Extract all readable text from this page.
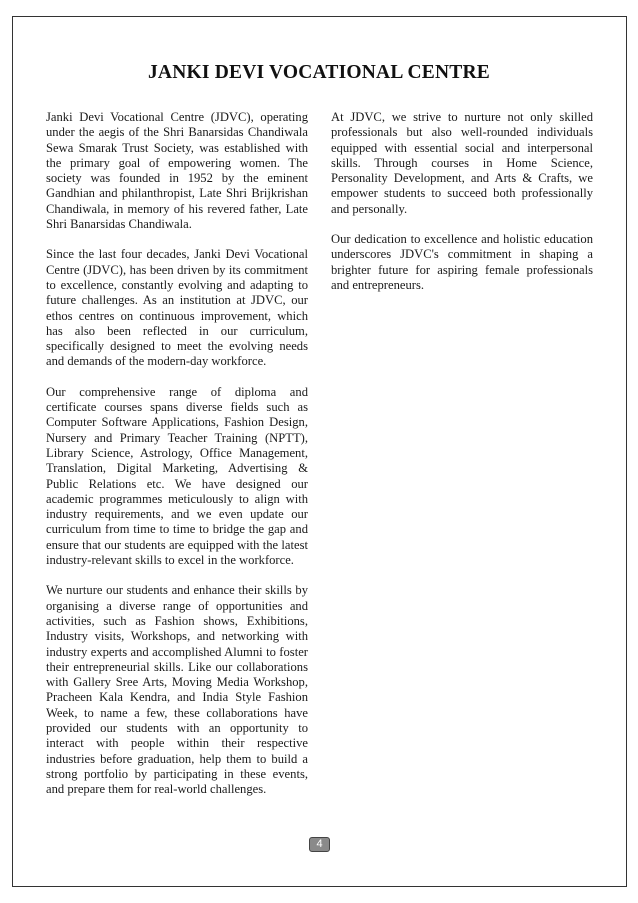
JANKI DEVI VOCATIONAL CENTRE

Janki Devi Vocational Centre (JDVC), operating under the aegis of the Shri Banarsidas Chandiwala Sewa Smarak Trust Society, was established with the primary goal of empowering women. The society was founded in 1952 by the eminent Gandhian and philanthropist, Late Shri Brijkrishan Chandiwala, in memory of his revered father, Late Shri Banarsidas Chandiwala.

Since the last four decades, Janki Devi Vocational Centre (JDVC), has been driven by its commitment to excellence, constantly evolving and adapting to future challenges. As an institution at JDVC, our ethos centres on continuous improvement, which has also been reflected in our curriculum, specifically designed to meet the evolving needs and demands of the modern-day workforce.

Our comprehensive range of diploma and certificate courses spans diverse fields such as Computer Software Applications, Fashion Design, Nursery and Primary Teacher Training (NPTT), Library Science, Astrology, Office Management, Translation, Digital Marketing, Advertising & Public Relations etc. We have designed our academic programmes meticulously to align with industry requirements, and we even update our curriculum from time to time to bridge the gap and ensure that our students are equipped with the latest industry-relevant skills to excel in the workforce.

We nurture our students and enhance their skills by organising a diverse range of opportunities and activities, such as Fashion shows, Exhibitions, Industry visits, Workshops, and networking with industry experts and accomplished Alumni to foster their entrepreneurial skills. Like our collaborations with Gallery Sree Arts, Moving Media Workshop, Pracheen Kala Kendra, and India Style Fashion Week, to name a few, these collaborations have provided our students with an opportunity to interact with people within their respective industries before graduation, help them to build a strong portfolio by participating in these events, and prepare them for real-world challenges.

At JDVC, we strive to nurture not only skilled professionals but also well-rounded individuals equipped with essential social and interpersonal skills. Through courses in Home Science, Personality Development, and Arts & Crafts, we empower students to succeed both professionally and personally.

Our dedication to excellence and holistic education underscores JDVC's commitment in shaping a brighter future for aspiring female professionals and entrepreneurs.

4
